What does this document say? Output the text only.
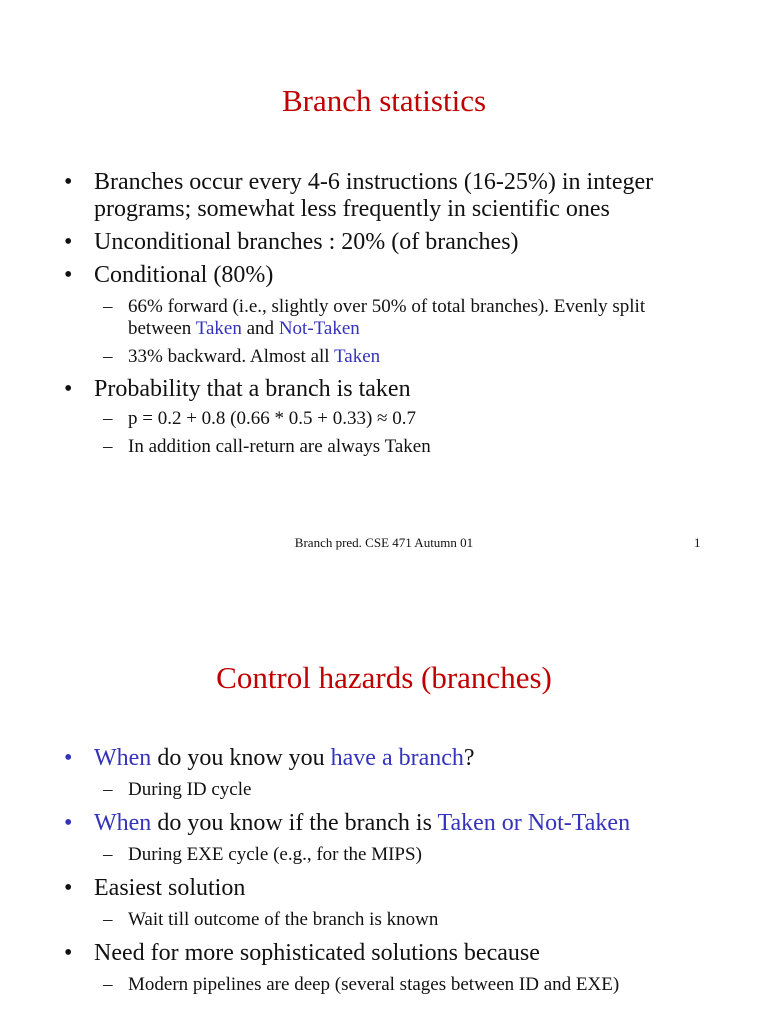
Branch statistics
• Branches occur every 4-6 instructions (16-25%) in integer programs; somewhat less frequently in scientific ones
• Unconditional branches : 20% (of branches)
• Conditional (80%)
– 66% forward (i.e., slightly over 50% of total branches). Evenly split between Taken and Not-Taken
– 33% backward. Almost all Taken
• Probability that a branch is taken
– p = 0.2 + 0.8 (0.66 * 0.5 + 0.33) ≈ 0.7
– In addition call-return are always Taken
Branch pred. CSE 471 Autumn 01	1
Control hazards (branches)
• When do you know you have a branch?
– During ID cycle
• When do you know if the branch is Taken or Not-Taken
– During EXE cycle (e.g., for the MIPS)
• Easiest solution
– Wait till outcome of the branch is known
• Need for more sophisticated solutions because
– Modern pipelines are deep (several stages between ID and EXE)
